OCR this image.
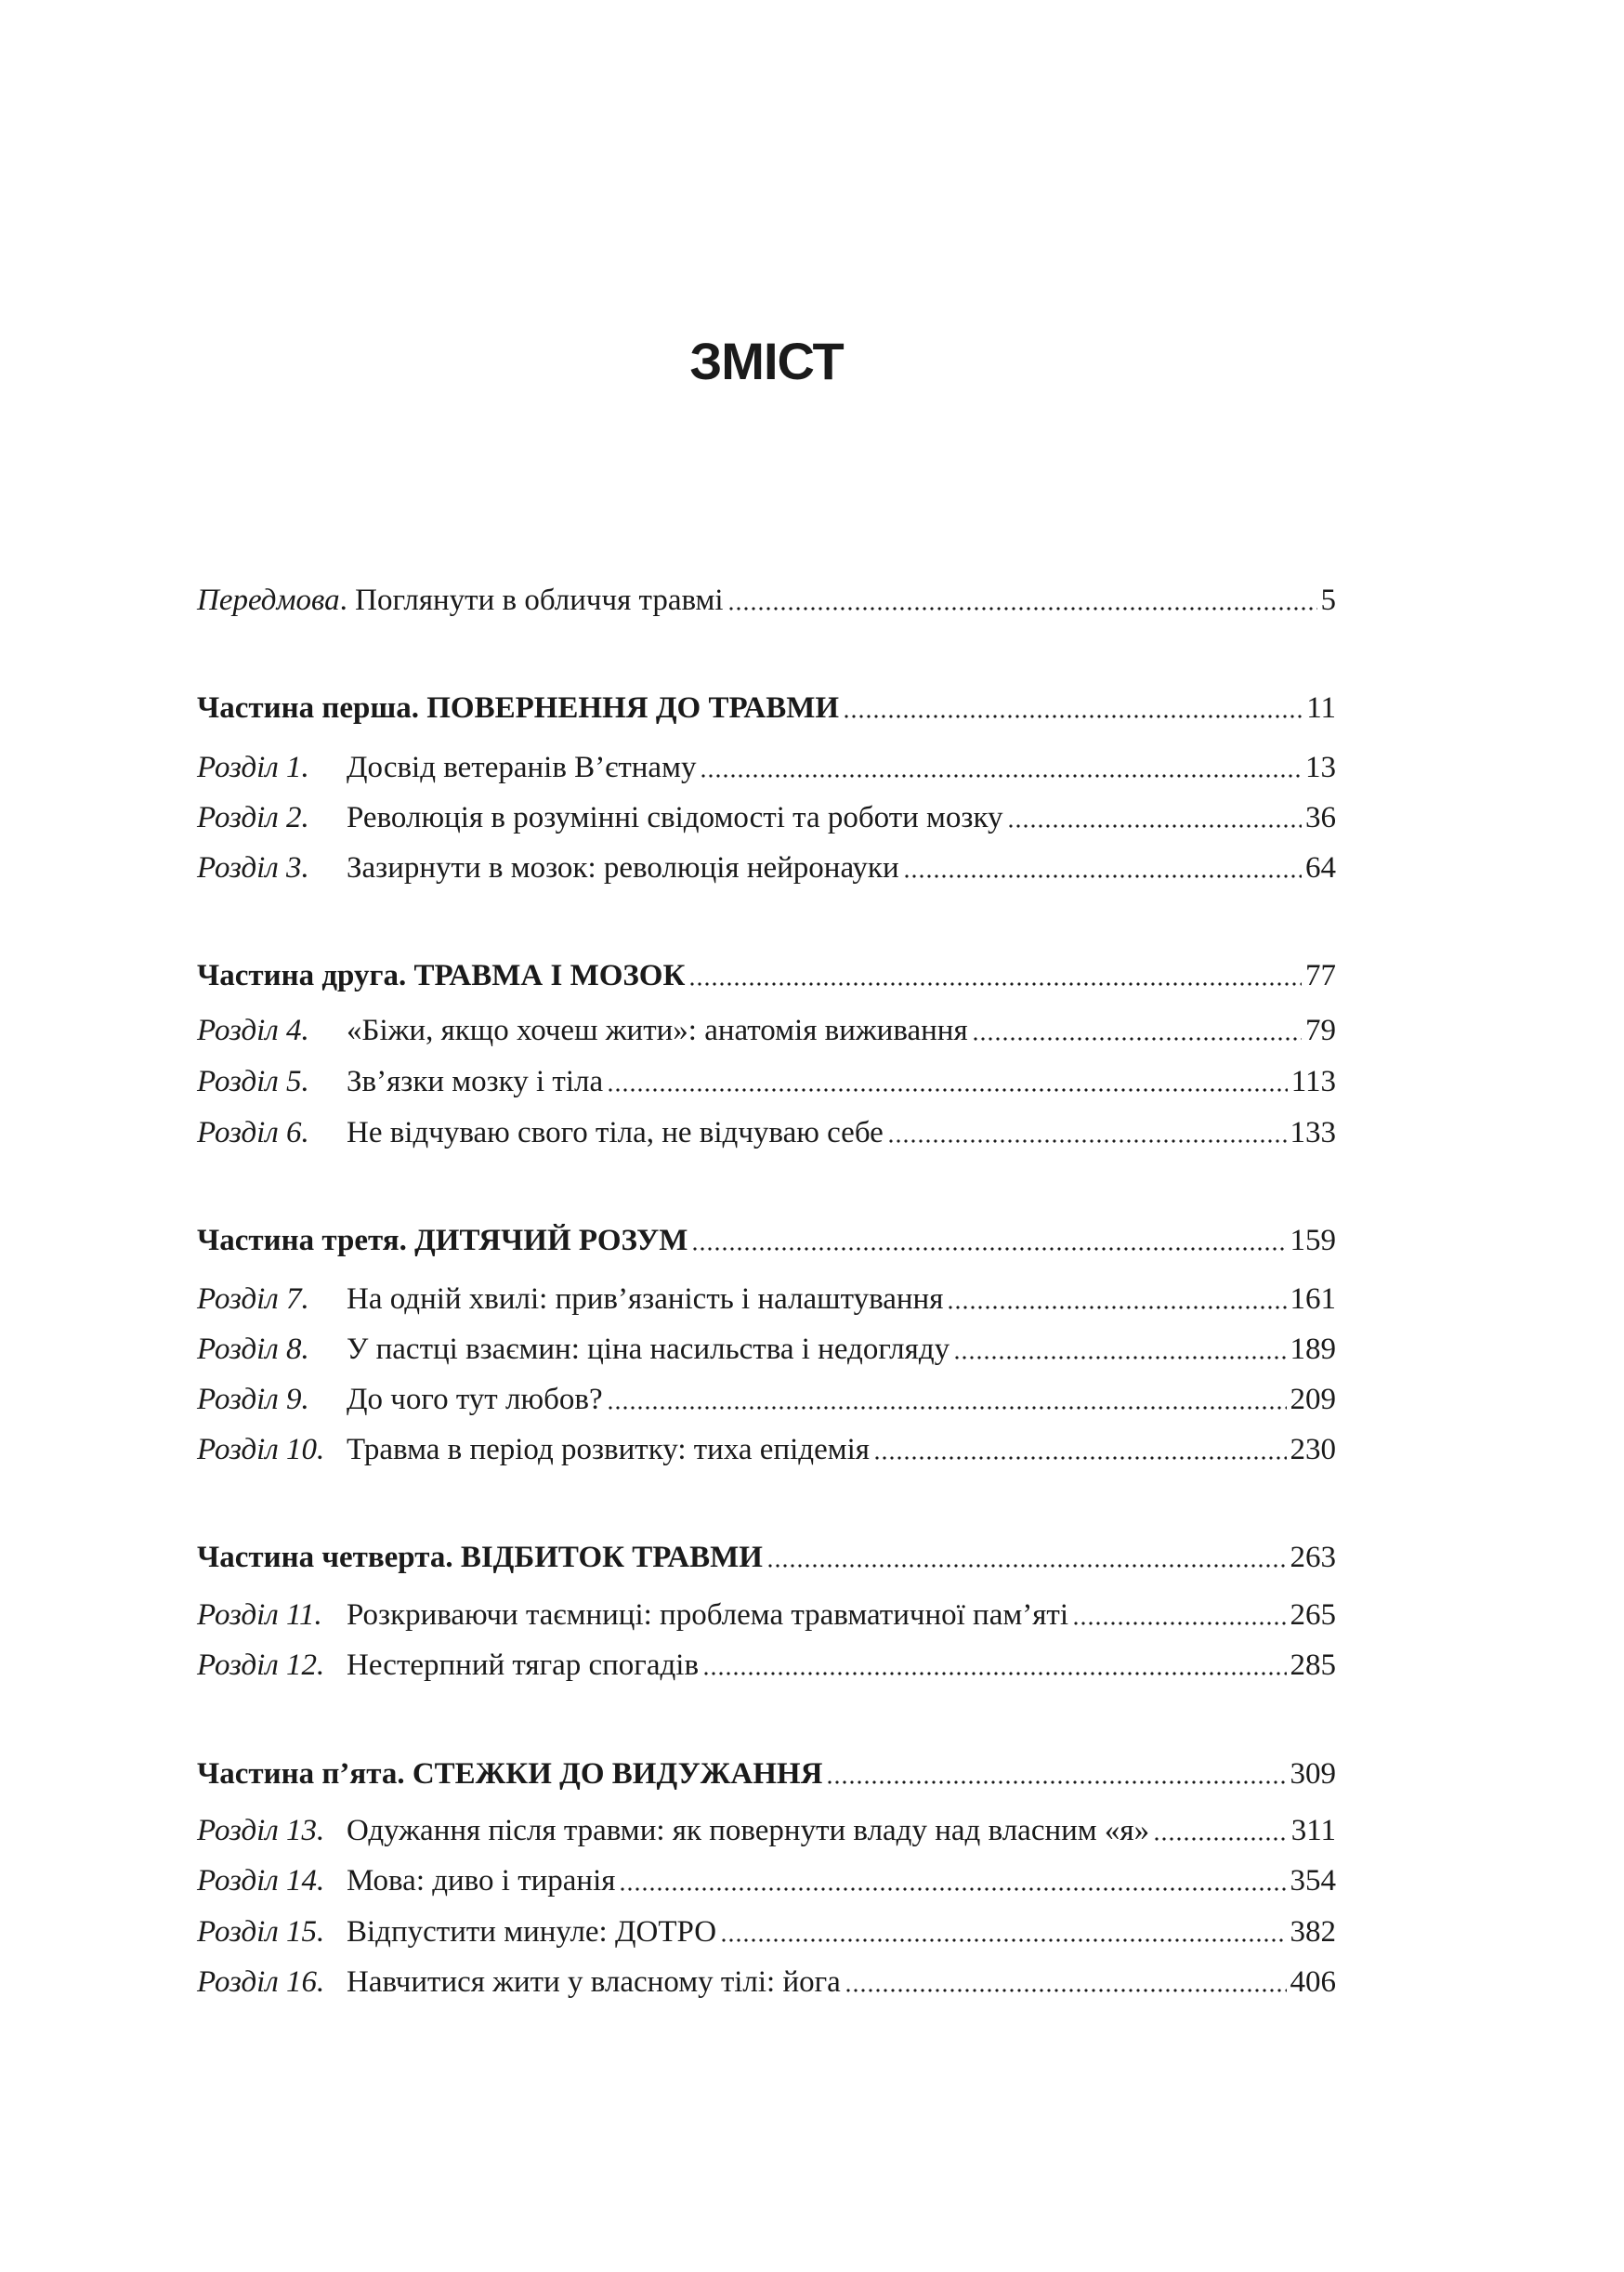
ЗМІСТ
Передмова . Поглянути в обличчя травмі	5
Частина перша. ПОВЕРНЕННЯ ДО ТРАВМИ	11
Розділ 1.	Досвід ветеранів В’єтнаму	13
Розділ 2.	Революція в розумінні свідомості та роботи мозку	36
Розділ 3.	Зазирнути в мозок: революція нейронауки	64
Частина друга. ТРАВМА І МОЗОК	77
Розділ 4.	«Біжи, якщо хочеш жити»: анатомія виживання	79
Розділ 5.	Зв’язки мозку і тіла	113
Розділ 6.	Не відчуваю свого тіла, не відчуваю себе	133
Частина третя. ДИТЯЧИЙ РОЗУМ	159
Розділ 7.	На одній хвилі: прив’язаність і налаштування	161
Розділ 8.	У пастці взаємин: ціна насильства і недогляду	189
Розділ 9.	До чого тут любов?	209
Розділ 10. Травма в період розвитку: тиха епідемія	230
Частина четверта. ВІДБИТОК ТРАВМИ	263
Розділ 11. Розкриваючи таємниці: проблема травматичної пам’яті	265
Розділ 12. Нестерпний тягар спогадів	285
Частина п’ята. СТЕЖКИ ДО ВИДУЖАННЯ	309
Розділ 13. Одужання після травми: як повернути владу над власним «я»	311
Розділ 14. Мова: диво і тиранія	354
Розділ 15. Відпустити минуле: ДОТРО	382
Розділ 16. Навчитися жити у власному тілі: йога	406
